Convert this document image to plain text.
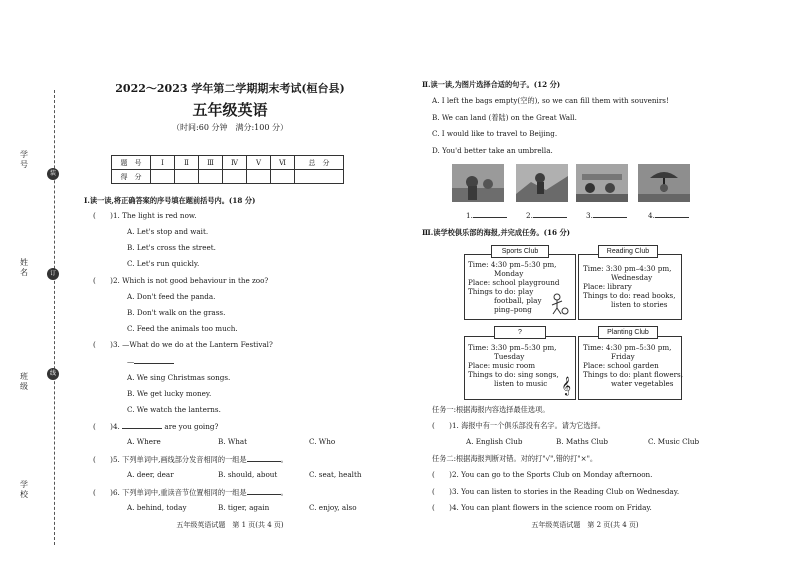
学 号
姓 名
班 级
学 校
装
订
线
2022～2023 学年第二学期期末考试(桓台县)
五年级英语
（时间:60 分钟　满分:100 分）
题　号	Ⅰ	Ⅱ	Ⅲ	Ⅳ	Ⅴ	Ⅵ	总　分
得　分							
Ⅰ.读一读,将正确答案的序号填在题前括号内。(18 分)
(　　)1. The light is red now.
A. Let's stop and wait.
B. Let's cross the street.
C. Let's run quickly.
(　　)2. Which is not good behaviour in the zoo?
A. Don't feed the panda.
B. Don't walk on the grass.
C. Feed the animals too much.
(　　)3. —What do we do at the Lantern Festival?
—
A. We sing Christmas songs.
B. We get lucky money.
C. We watch the lanterns.
(　　)4.	are you going?
A. Where	B. What	C. Who
(　　)5. 下列单词中,画线部分发音相同的一组是	。
A. deer, dear	B. should, about	C. seat, health
(　　)6. 下列单词中,重读音节位置相同的一组是	。
A. behind, today	B. tiger, again	C. enjoy, also
五年级英语试题　第 1 页(共 4 页)
Ⅱ.读一读,为图片选择合适的句子。(12 分)
A. I left the bags empty(空的), so we can fill them with souvenirs!
B. We can land (着陆) on the Great Wall.
C. I would like to travel to Beijing.
D. You'd better take an umbrella.
1.	2.	3.	4.
Ⅲ.读学校俱乐部的海报,并完成任务。(16 分)
Time: 4:30 pm–5:30 pm,
Monday
Place: school playground
Things to do: play
football, play
ping–pong
Sports Club
Time: 3:30 pm–4:30 pm,
Wednesday
Place: library
Things to do: read books,
listen to stories
Reading Club
Time: 3:30 pm–5:30 pm,
Tuesday
Place: music room
Things to do: sing songs,
listen to music 𝄞
?
Time: 4:30 pm–5:30 pm,
Friday
Place: school garden
Things to do: plant flowers,
water vegetables
Planting Club
任务一:根据海报内容选择最佳选项。
(　　)1. 海报中有一个俱乐部没有名字。请为它选择。
A. English Club	B. Maths Club	C. Music Club
任务二:根据海报判断对错。对的打"√",错的打"×"。
(　　)2. You can go to the Sports Club on Monday afternoon.
(　　)3. You can listen to stories in the Reading Club on Wednesday.
(　　)4. You can plant flowers in the science room on Friday.
五年级英语试题　第 2 页(共 4 页)
